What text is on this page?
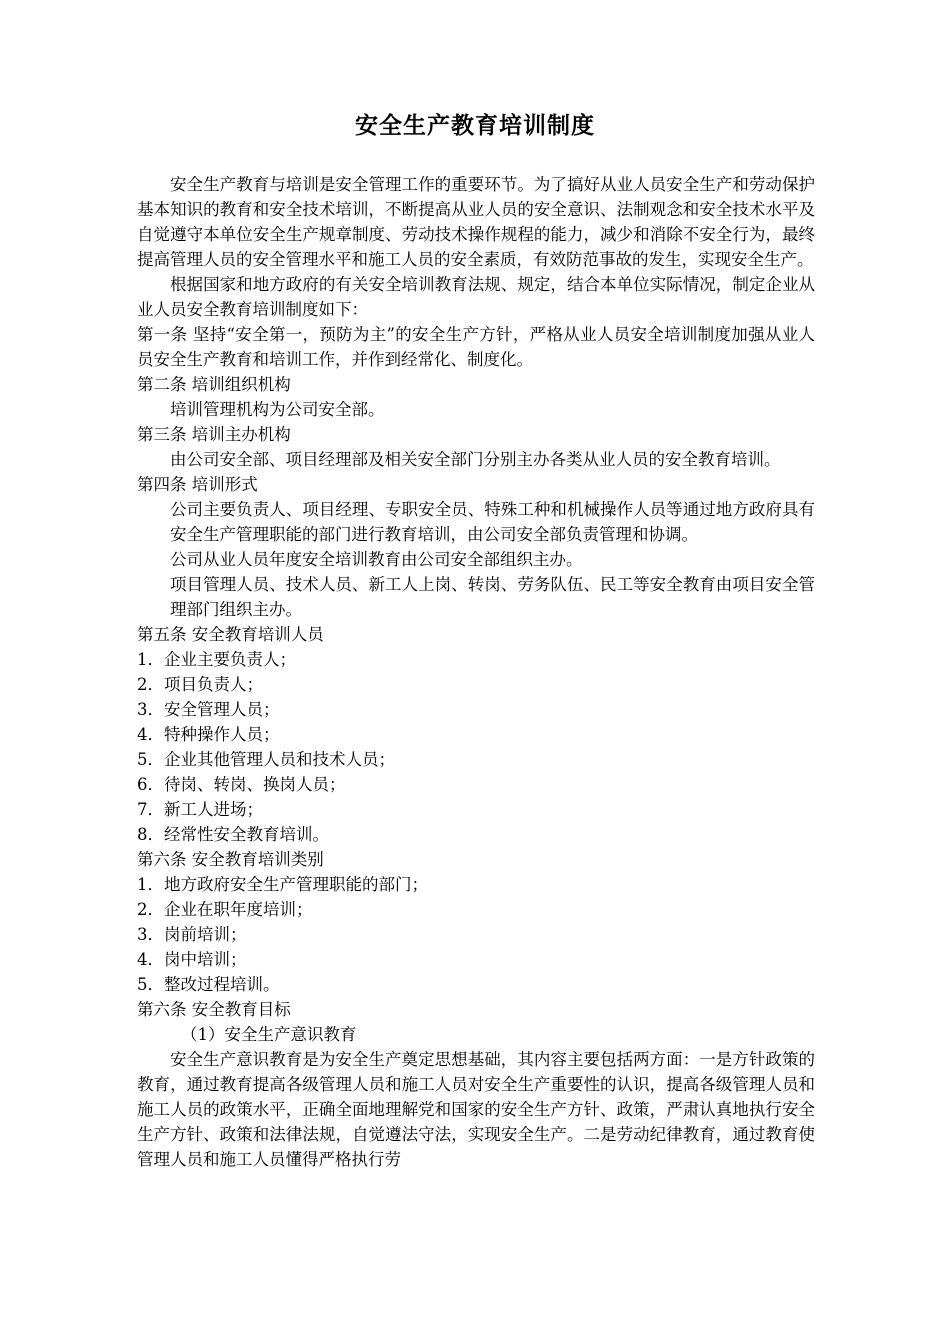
安全生产教育培训制度

安全生产教育与培训是安全管理工作的重要环节。为了搞好从业人员安全生产和劳动保护基本知识的教育和安全技术培训，不断提高从业人员的安全意识、法制观念和安全技术水平及自觉遵守本单位安全生产规章制度、劳动技术操作规程的能力，减少和消除不安全行为，最终提高管理人员的安全管理水平和施工人员的安全素质，有效防范事故的发生，实现安全生产。

根据国家和地方政府的有关安全培训教育法规、规定，结合本单位实际情况，制定企业从业人员安全教育培训制度如下：

第一条 坚持“安全第一，预防为主”的安全生产方针，严格从业人员安全培训制度加强从业人员安全生产教育和培训工作，并作到经常化、制度化。

第二条 培训组织机构

培训管理机构为公司安全部。

第三条 培训主办机构

由公司安全部、项目经理部及相关安全部门分别主办各类从业人员的安全教育培训。

第四条 培训形式

公司主要负责人、项目经理、专职安全员、特殊工种和机械操作人员等通过地方政府具有安全生产管理职能的部门进行教育培训，由公司安全部负责管理和协调。

公司从业人员年度安全培训教育由公司安全部组织主办。

项目管理人员、技术人员、新工人上岗、转岗、劳务队伍、民工等安全教育由项目安全管理部门组织主办。

第五条 安全教育培训人员

1．企业主要负责人；

2．项目负责人；

3．安全管理人员；

4．特种操作人员；

5．企业其他管理人员和技术人员；

6．待岗、转岗、换岗人员；

7．新工人进场；

8．经常性安全教育培训。

第六条 安全教育培训类别

1．地方政府安全生产管理职能的部门；

2．企业在职年度培训；

3．岗前培训；

4．岗中培训；

5．整改过程培训。

第六条 安全教育目标

（1）安全生产意识教育

安全生产意识教育是为安全生产奠定思想基础，其内容主要包括两方面：一是方针政策的教育，通过教育提高各级管理人员和施工人员对安全生产重要性的认识，提高各级管理人员和施工人员的政策水平，正确全面地理解党和国家的安全生产方针、政策，严肃认真地执行安全生产方针、政策和法律法规，自觉遵法守法，实现安全生产。二是劳动纪律教育，通过教育使管理人员和施工人员懂得严格执行劳
